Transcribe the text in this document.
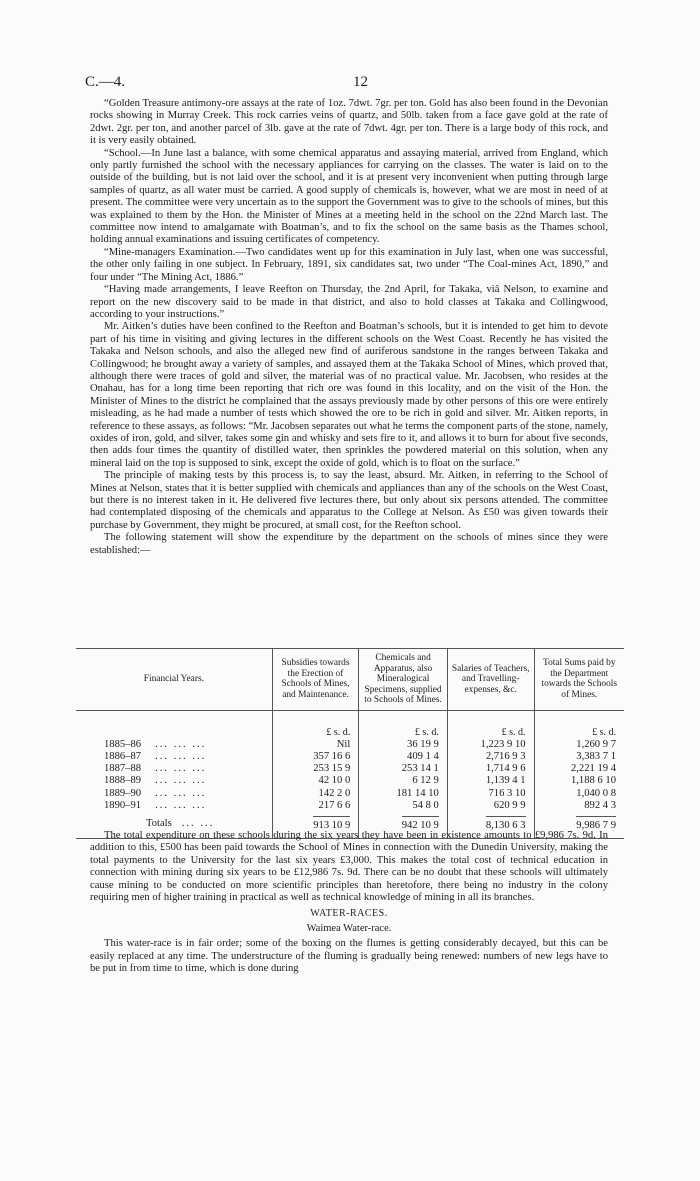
C.—4.	12

“Golden Treasure antimony-ore assays at the rate of 1oz. 7dwt. 7gr. per ton. Gold has also been found in the Devonian rocks showing in Murray Creek. This rock carries veins of quartz, and 50lb. taken from a face gave gold at the rate of 2dwt. 2gr. per ton, and another parcel of 3lb. gave at the rate of 7dwt. 4gr. per ton. There is a large body of this rock, and it is very easily obtained.

“School.—In June last a balance, with some chemical apparatus and assaying material, arrived from England, which only partly furnished the school with the necessary appliances for carrying on the classes. The water is laid on to the outside of the building, but is not laid over the school, and it is at present very inconvenient when putting through large samples of quartz, as all water must be carried. A good supply of chemicals is, however, what we are most in need of at present. The committee were very uncertain as to the support the Government was to give to the schools of mines, but this was explained to them by the Hon. the Minister of Mines at a meeting held in the school on the 22nd March last. The committee now intend to amalgamate with Boatman’s, and to fix the school on the same basis as the Thames school, holding annual examinations and issuing certificates of competency.

“Mine-managers Examination.—Two candidates went up for this examination in July last, when one was successful, the other only failing in one subject. In February, 1891, six candidates sat, two under “The Coal-mines Act, 1890,” and four under “The Mining Act, 1886.”

“Having made arrangements, I leave Reefton on Thursday, the 2nd April, for Takaka, viâ Nelson, to examine and report on the new discovery said to be made in that district, and also to hold classes at Takaka and Collingwood, according to your instructions.”

Mr. Aitken’s duties have been confined to the Reefton and Boatman’s schools, but it is intended to get him to devote part of his time in visiting and giving lectures in the different schools on the West Coast. Recently he has visited the Takaka and Nelson schools, and also the alleged new find of auriferous sandstone in the ranges between Takaka and Collingwood; he brought away a variety of samples, and assayed them at the Takaka School of Mines, which proved that, although there were traces of gold and silver, the material was of no practical value. Mr. Jacobsen, who resides at the Onahau, has for a long time been reporting that rich ore was found in this locality, and on the visit of the Hon. the Minister of Mines to the district he complained that the assays previously made by other persons of this ore were entirely misleading, as he had made a number of tests which showed the ore to be rich in gold and silver. Mr. Aitken reports, in reference to these assays, as follows: “Mr. Jacobsen separates out what he terms the component parts of the stone, namely, oxides of iron, gold, and silver, takes some gin and whisky and sets fire to it, and allows it to burn for about five seconds, then adds four times the quantity of distilled water, then sprinkles the powdered material on this solution, when any mineral laid on the top is supposed to sink, except the oxide of gold, which is to float on the surface.”

The principle of making tests by this process is, to say the least, absurd. Mr. Aitken, in referring to the School of Mines at Nelson, states that it is better supplied with chemicals and appliances than any of the schools on the West Coast, but there is no interest taken in it. He delivered five lectures there, but only about six persons attended. The committee had contemplated disposing of the chemicals and apparatus to the College at Nelson. As £50 was given towards their purchase by Government, they might be procured, at small cost, for the Reefton school.

The following statement will show the expenditure by the department on the schools of mines since they were established:—

Financial Years.	Subsidies towards the Erection of Schools of Mines, and Maintenance.	Chemicals and Apparatus, also Mineralogical Specimens, supplied to Schools of Mines.	Salaries of Teachers, and Travelling-expenses, &c.	Total Sums paid by the Department towards the Schools of Mines.
	£ s. d.	£ s. d.	£ s. d.	£ s. d.
1885–86 ... ... ...	Nil	36 19 9	1,223 9 10	1,260 9 7
1886–87 ... ... ...	357 16 6	409 1 4	2,716 9 3	3,383 7 1
1887–88 ... ... ...	253 15 9	253 14 1	1,714 9 6	2,221 19 4
1888–89 ... ... ...	42 10 0	6 12 9	1,139 4 1	1,188 6 10
1889–90 ... ... ...	142 2 0	181 14 10	716 3 10	1,040 0 8
1890–91 ... ... ...	217 6 6	54 8 0	620 9 9	892 4 3
Totals ... ...	913 10 9	942 10 9	8,130 6 3	9,986 7 9

The total expenditure on these schools during the six years they have been in existence amounts to £9,986 7s. 9d. In addition to this, £500 has been paid towards the School of Mines in connection with the Dunedin University, making the total payments to the University for the last six years £3,000. This makes the total cost of technical education in connection with mining during six years to be £12,986 7s. 9d. There can be no doubt that these schools will ultimately cause mining to be conducted on more scientific principles than heretofore, there being no industry in the colony requiring men of higher training in practical as well as technical knowledge of mining in all its branches.

WATER-RACES.

Waimea Water-race.

This water-race is in fair order; some of the boxing on the flumes is getting considerably decayed, but this can be easily replaced at any time. The understructure of the fluming is gradually being renewed: numbers of new legs have to be put in from time to time, which is done during
